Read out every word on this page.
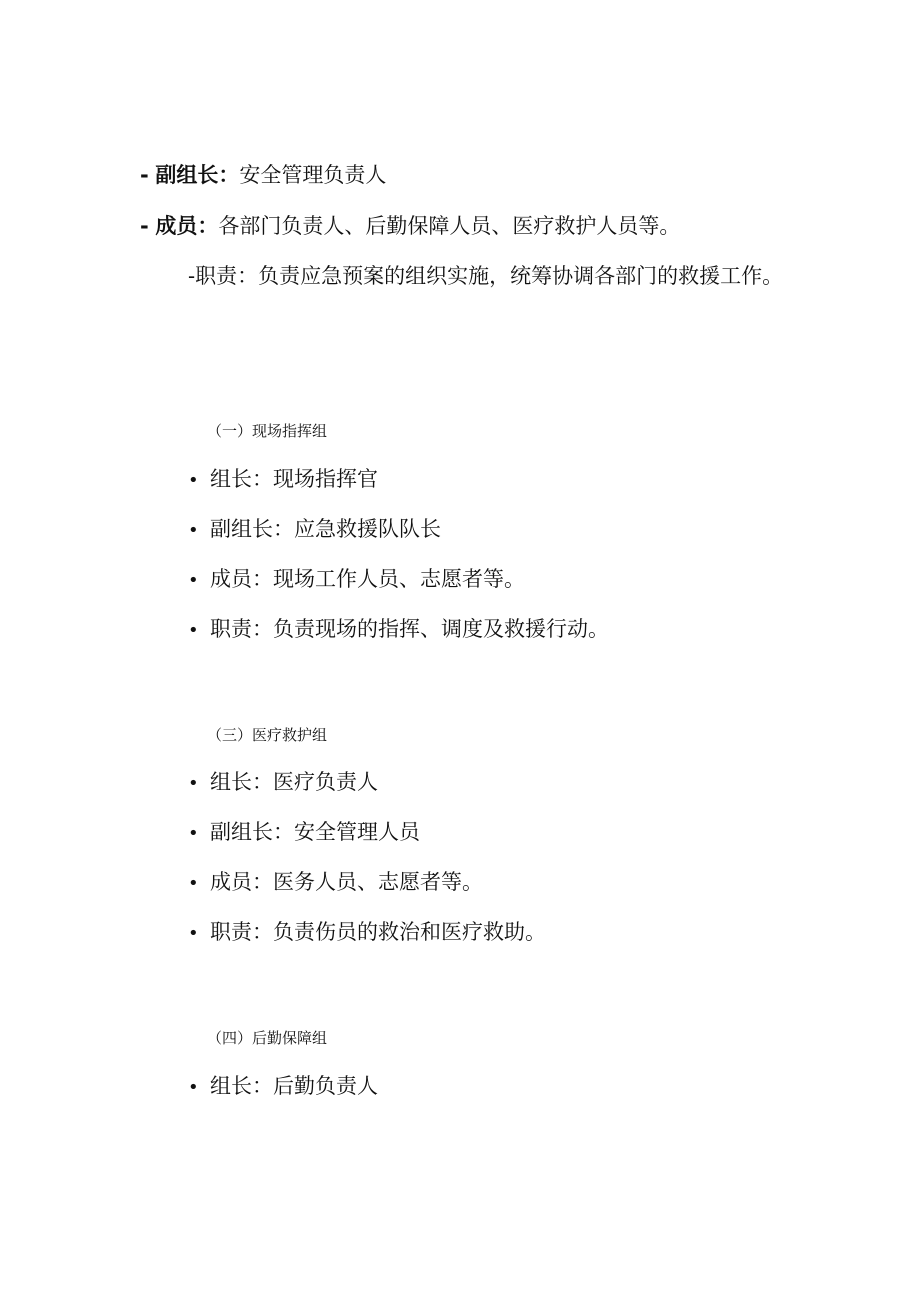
- 副组长：安全管理负责人
- 成员：各部门负责人、后勤保障人员、医疗救护人员等。
-职责：负责应急预案的组织实施，统筹协调各部门的救援工作。
（一）现场指挥组
• 组长：现场指挥官
• 副组长：应急救援队队长
• 成员：现场工作人员、志愿者等。
• 职责：负责现场的指挥、调度及救援行动。
（三）医疗救护组
• 组长：医疗负责人
• 副组长：安全管理人员
• 成员：医务人员、志愿者等。
• 职责：负责伤员的救治和医疗救助。
（四）后勤保障组
• 组长：后勤负责人
